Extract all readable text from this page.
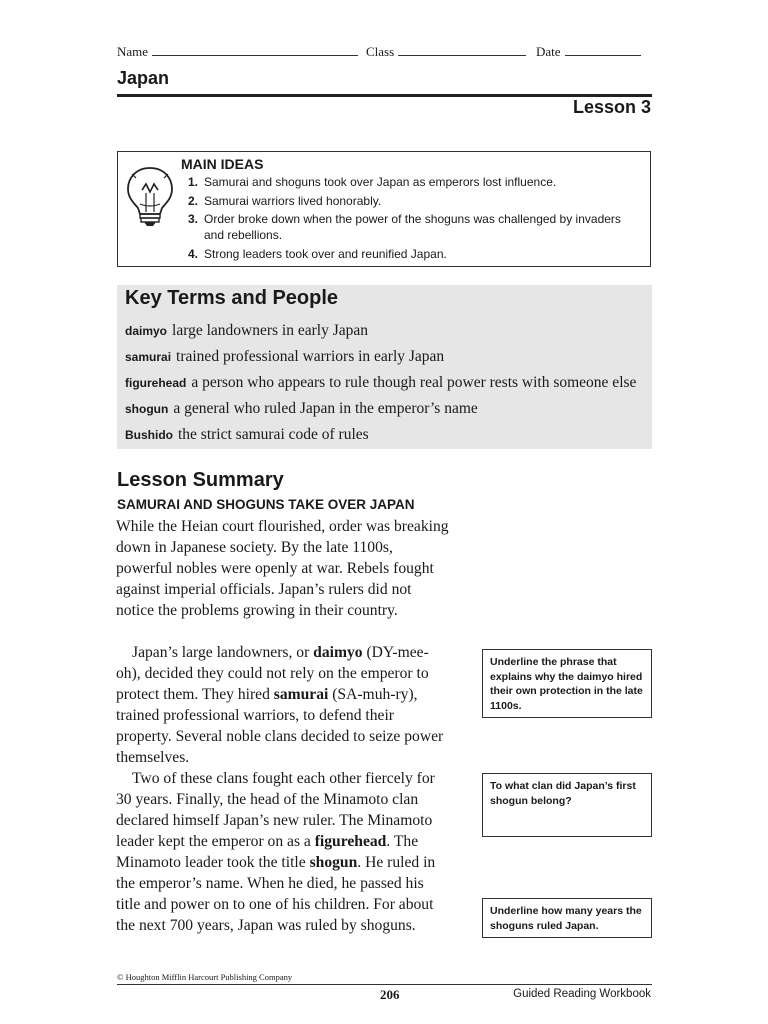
Name	Class	Date
Japan
Lesson 3
MAIN IDEAS
1. Samurai and shoguns took over Japan as emperors lost influence.
2. Samurai warriors lived honorably.
3. Order broke down when the power of the shoguns was challenged by invaders and rebellions.
4. Strong leaders took over and reunified Japan.
Key Terms and People
daimyo large landowners in early Japan
samurai trained professional warriors in early Japan
figurehead a person who appears to rule though real power rests with someone else
shogun a general who ruled Japan in the emperor’s name
Bushido the strict samurai code of rules
Lesson Summary
SAMURAI AND SHOGUNS TAKE OVER JAPAN

While the Heian court flourished, order was breaking down in Japanese society. By the late 1100s, powerful nobles were openly at war. Rebels fought against imperial officials. Japan’s rulers did not notice the problems growing in their country.

Japan’s large landowners, or daimyo (DY-mee-oh), decided they could not rely on the emperor to protect them. They hired samurai (SA-muh-ry), trained professional warriors, to defend their property. Several noble clans decided to seize power themselves.

Two of these clans fought each other fiercely for 30 years. Finally, the head of the Minamoto clan declared himself Japan’s new ruler. The Minamoto leader kept the emperor on as a figurehead. The Minamoto leader took the title shogun. He ruled in the emperor’s name. When he died, he passed his title and power on to one of his children. For about the next 700 years, Japan was ruled by shoguns.

Underline the phrase that explains why the daimyo hired their own protection in the late 1100s.
To what clan did Japan’s first shogun belong?
Underline how many years the shoguns ruled Japan.
© Houghton Mifflin Harcourt Publishing Company
206	Guided Reading Workbook
